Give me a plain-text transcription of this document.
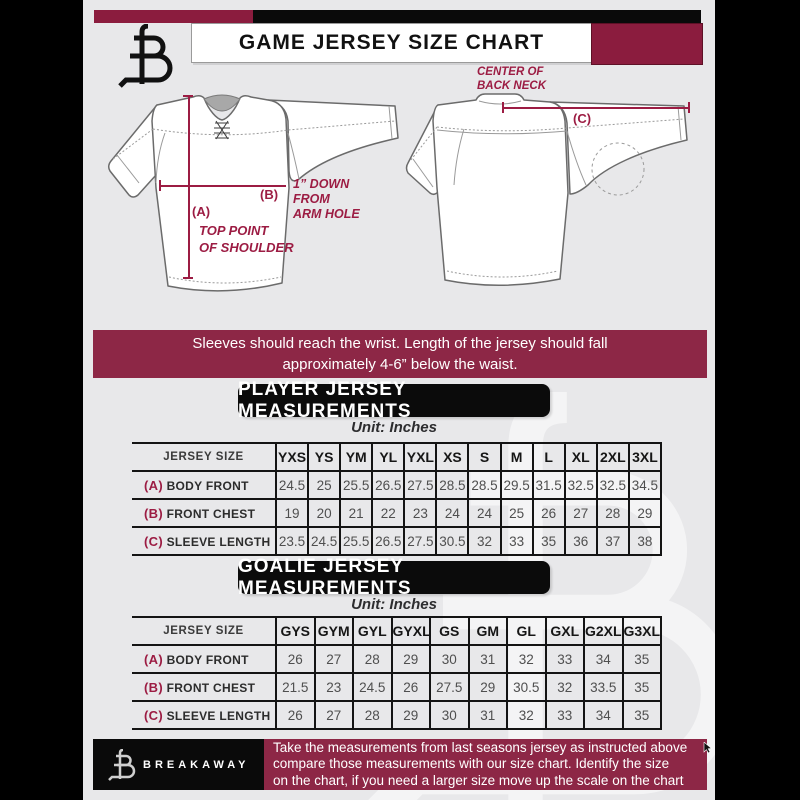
GAME JERSEY SIZE CHART
(A)
TOP POINT
OF SHOULDER
(B)
1” DOWN
FROM
ARM HOLE
(C)
CENTER OF
BACK NECK
Sleeves should reach the wrist. Length of the jersey should fall
approximately 4-6” below the waist.
PLAYER JERSEY MEASUREMENTS
Unit: Inches
JERSEY SIZE	YXS	YS	YM	YL	YXL	XS	S	M	L	XL	2XL	3XL
(A) BODY FRONT	24.5	25	25.5	26.5	27.5	28.5	28.5	29.5	31.5	32.5	32.5	34.5
(B) FRONT CHEST	19	20	21	22	23	24	24	25	26	27	28	29
(C) SLEEVE LENGTH	23.5	24.5	25.5	26.5	27.5	30.5	32	33	35	36	37	38
GOALIE JERSEY MEASUREMENTS
Unit: Inches
JERSEY SIZE	GYS	GYM	GYL	GYXL	GS	GM	GL	GXL	G2XL	G3XL
(A) BODY FRONT	26	27	28	29	30	31	32	33	34	35
(B) FRONT CHEST	21.5	23	24.5	26	27.5	29	30.5	32	33.5	35
(C) SLEEVE LENGTH	26	27	28	29	30	31	32	33	34	35
BREAKAWAY
Take the measurements from last seasons jersey as instructed above
compare those measurements with our size chart. Identify the size
on the chart, if you need a larger size move up the scale on the chart
